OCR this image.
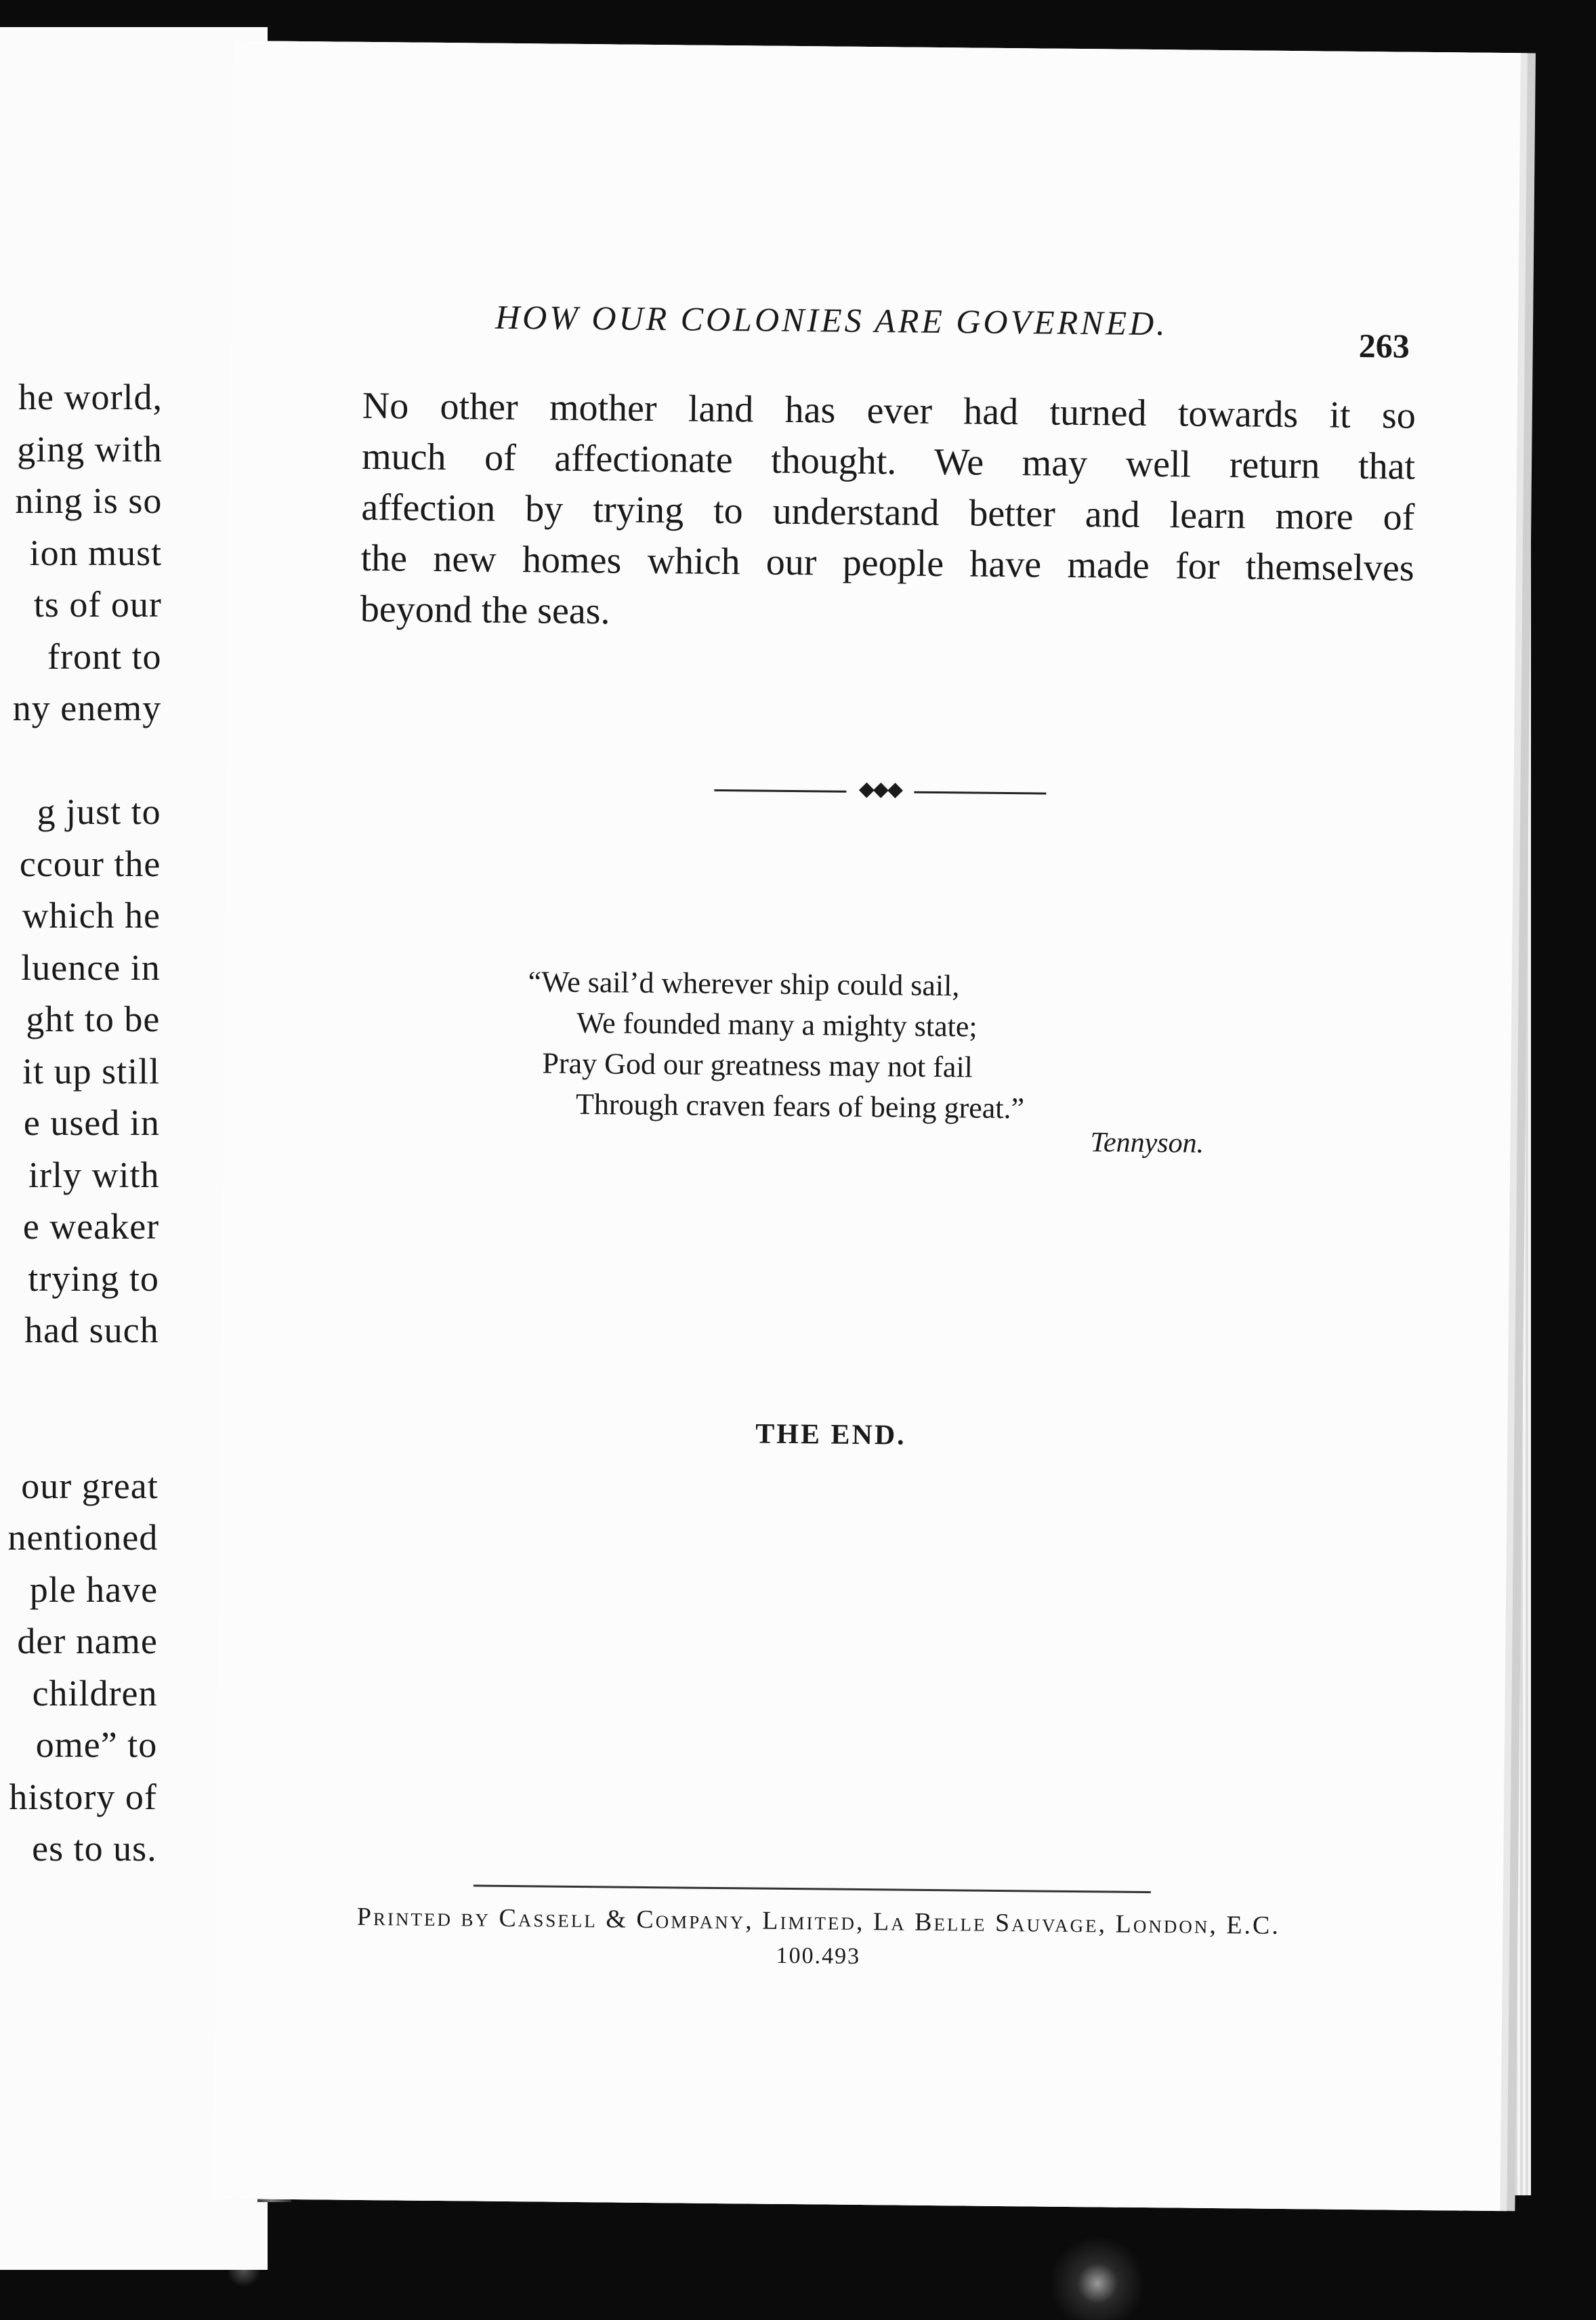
he world,

ging with

ning is so

ion must

ts of our

front to

ny enemy

g just to

ccour the

which he

luence in

ght to be

it up still

e used in

irly with

e weaker

trying to

had such

our great

nentioned

ple have

der name

children

ome” to

history of

es to us.

HOW OUR COLONIES ARE GOVERNED.

263
No other mother land has ever had turned towards it so
much of affectionate thought. We may well return that
affection by trying to understand better and learn more of
the new homes which our people have made for themselves
beyond the seas.
◆◆◆
“We sail’d wherever ship could sail,
We founded many a mighty state;
Pray God our greatness may not fail
Through craven fears of being great.”
Tennyson.
THE END.
Printed by Cassell & Company, Limited, La Belle Sauvage, London, E.C.
100.493
